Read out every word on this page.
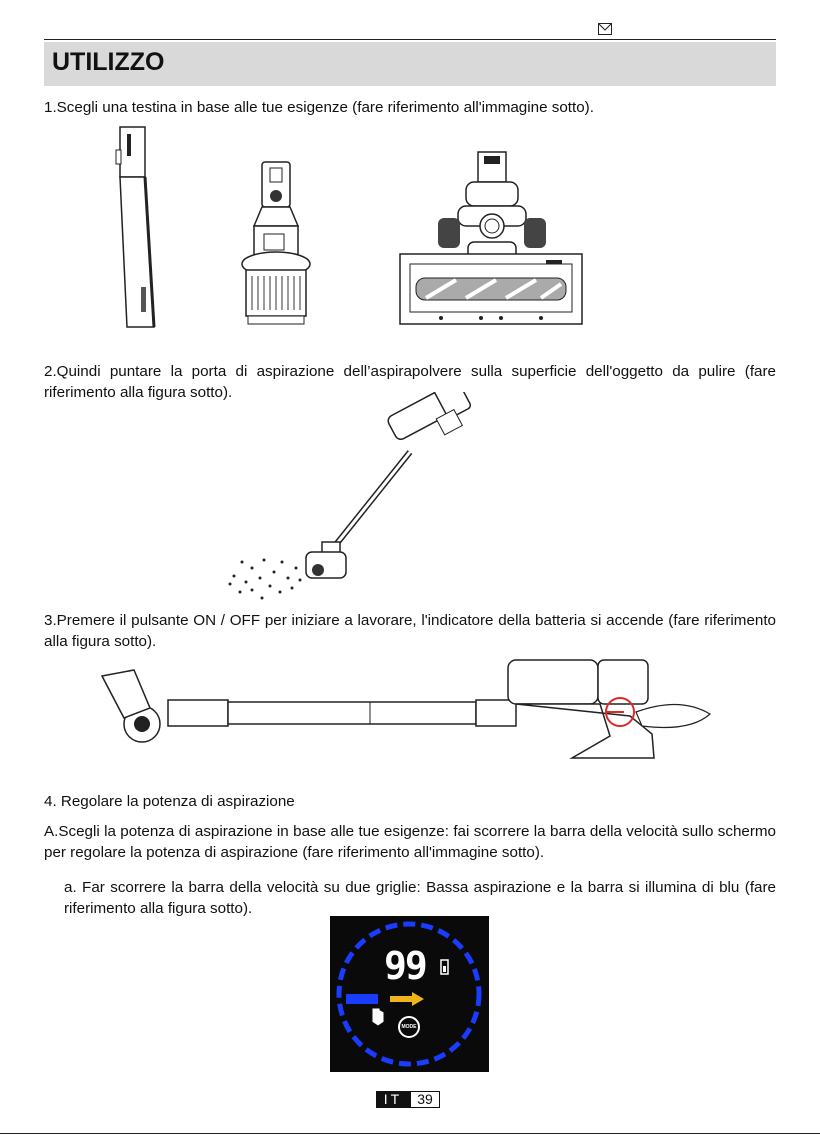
UTILIZZO

1.Scegli una testina in base alle tue esigenze (fare riferimento all'immagine sotto).

2.Quindi puntare la porta di aspirazione dell’aspirapolvere sulla superficie dell'oggetto da pulire (fare riferimento alla figura sotto).

3.Premere il pulsante ON / OFF per iniziare a lavorare, l'indicatore della batteria si accende (fare riferimento alla figura sotto).

4. Regolare la potenza di aspirazione

A.Scegli la potenza di aspirazione in base alle tue esigenze: fai scorrere la barra della velocità sullo schermo per regolare la potenza di aspirazione (fare riferimento all'immagine sotto).

a. Far scorrere la barra della velocità su due griglie: Bassa aspirazione e la barra si illumina di blu (fare riferimento alla figura sotto).

99
MODE
IT	39
